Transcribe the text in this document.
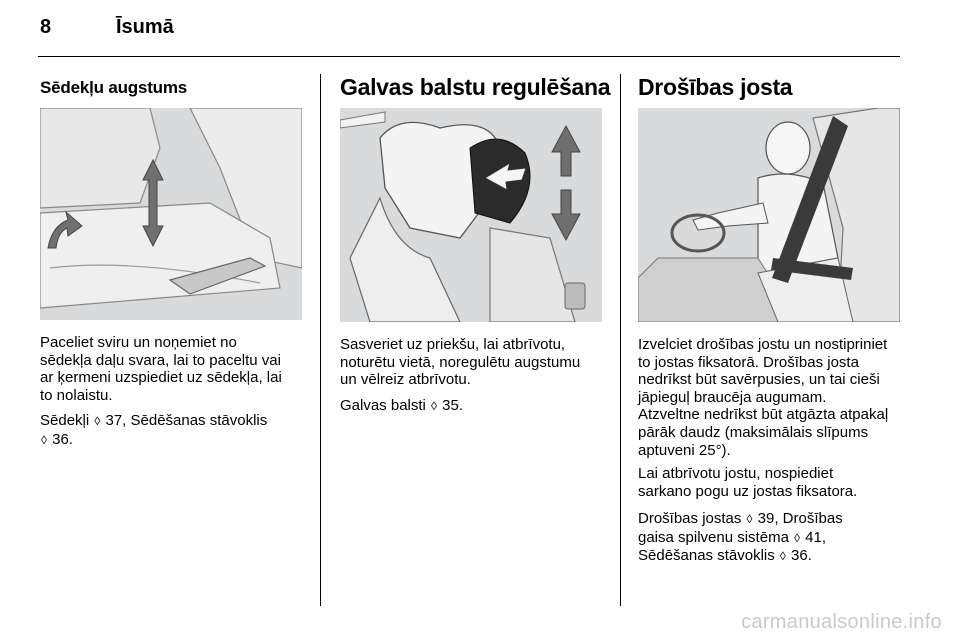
8	Īsumā
Sēdekļu augstums
Paceliet sviru un noņemiet no
sēdekļa daļu svara, lai to paceltu vai
ar ķermeni uzspiediet uz sēdekļa, lai
to nolaistu.
Sēdekļi ◊ 37, Sēdēšanas stāvoklis
◊ 36.
Galvas balstu regulēšana
Sasveriet uz priekšu, lai atbrīvotu,
noturētu vietā, noregulētu augstumu
un vēlreiz atbrīvotu.
Galvas balsti ◊ 35.
Drošības josta
Izvelciet drošības jostu un nostipriniet
to jostas fiksatorā. Drošības josta
nedrīkst būt savērpusies, un tai cieši
jāpieguļ braucēja augumam.
Atzveltne nedrīkst būt atgāzta atpakaļ
pārāk daudz (maksimālais slīpums
aptuveni 25°).
Lai atbrīvotu jostu, nospiediet
sarkano pogu uz jostas fiksatora.
Drošības jostas ◊ 39, Drošības
gaisa spilvenu sistēma ◊ 41,
Sēdēšanas stāvoklis ◊ 36.
carmanualsonline.info
